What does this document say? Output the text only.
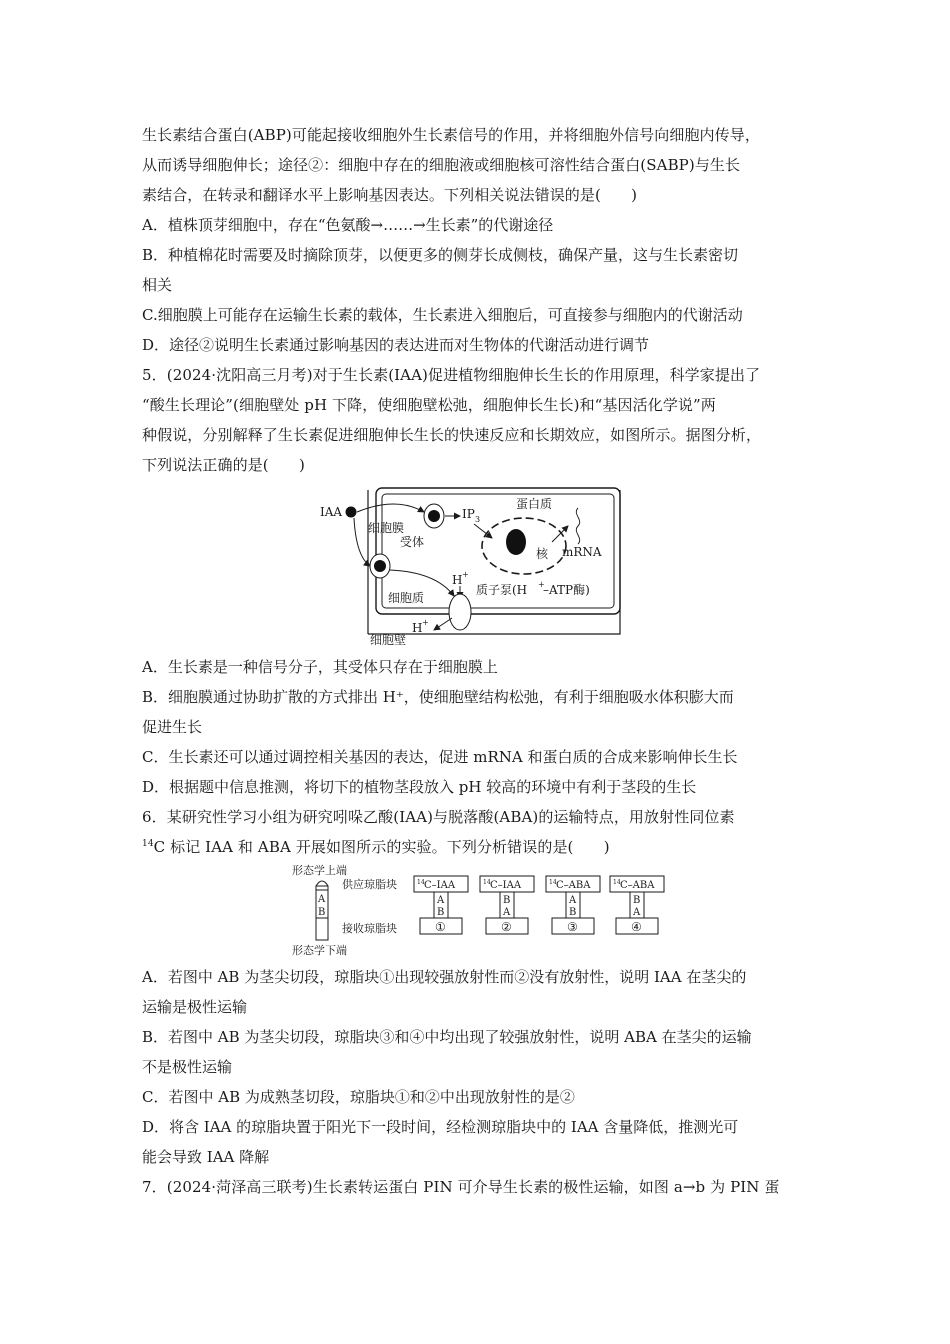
生长素结合蛋白(ABP)可能起接收细胞外生长素信号的作用，并将细胞外信号向细胞内传导，
从而诱导细胞伸长；途径②：细胞中存在的细胞液或细胞核可溶性结合蛋白(SABP)与生长
素结合，在转录和翻译水平上影响基因表达。下列相关说法错误的是(　　)
A．植株顶芽细胞中，存在“色氨酸→……→生长素”的代谢途径
B．种植棉花时需要及时摘除顶芽，以便更多的侧芽长成侧枝，确保产量，这与生长素密切
相关
C.细胞膜上可能存在运输生长素的载体，生长素进入细胞后，可直接参与细胞内的代谢活动
D．途径②说明生长素通过影响基因的表达进而对生物体的代谢活动进行调节
5．(2024·沈阳高三月考)对于生长素(IAA)促进植物细胞伸长生长的作用原理，科学家提出了
“酸生长理论”(细胞壁处 pH 下降，使细胞壁松弛，细胞伸长生长)和“基因活化学说”两
种假说，分别解释了生长素促进细胞伸长生长的快速反应和长期效应，如图所示。据图分析，
下列说法正确的是(　　)
IAA
细胞膜
受体
IP 3
核 mRNA
蛋白质
H +
细胞质
质子泵(H +
–ATP酶)
H +
细胞壁
A．生长素是一种信号分子，其受体只存在于细胞膜上
B．细胞膜通过协助扩散的方式排出 H⁺，使细胞壁结构松弛，有利于细胞吸水体积膨大而
促进生长
C．生长素还可以通过调控相关基因的表达，促进 mRNA 和蛋白质的合成来影响伸长生长
D．根据题中信息推测，将切下的植物茎段放入 pH 较高的环境中有利于茎段的生长
6．某研究性学习小组为研究吲哚乙酸(IAA)与脱落酸(ABA)的运输特点，用放射性同位素
$^{14}$C 标记 IAA 和 ABA 开展如图所示的实验。下列分析错误的是(　　)
形态学上端
A
B
形态学下端
供应琼脂块
接收琼脂块
14 C–IAA
A
B
①
14 C–IAA
B
A
②
14 C–ABA
A
B
③
14 C–ABA
B
A
④
A．若图中 AB 为茎尖切段，琼脂块①出现较强放射性而②没有放射性，说明 IAA 在茎尖的
运输是极性运输
B．若图中 AB 为茎尖切段，琼脂块③和④中均出现了较强放射性，说明 ABA 在茎尖的运输
不是极性运输
C．若图中 AB 为成熟茎切段，琼脂块①和②中出现放射性的是②
D．将含 IAA 的琼脂块置于阳光下一段时间，经检测琼脂块中的 IAA 含量降低，推测光可
能会导致 IAA 降解
7．(2024·菏泽高三联考)生长素转运蛋白 PIN 可介导生长素的极性运输，如图 a→b 为 PIN 蛋
